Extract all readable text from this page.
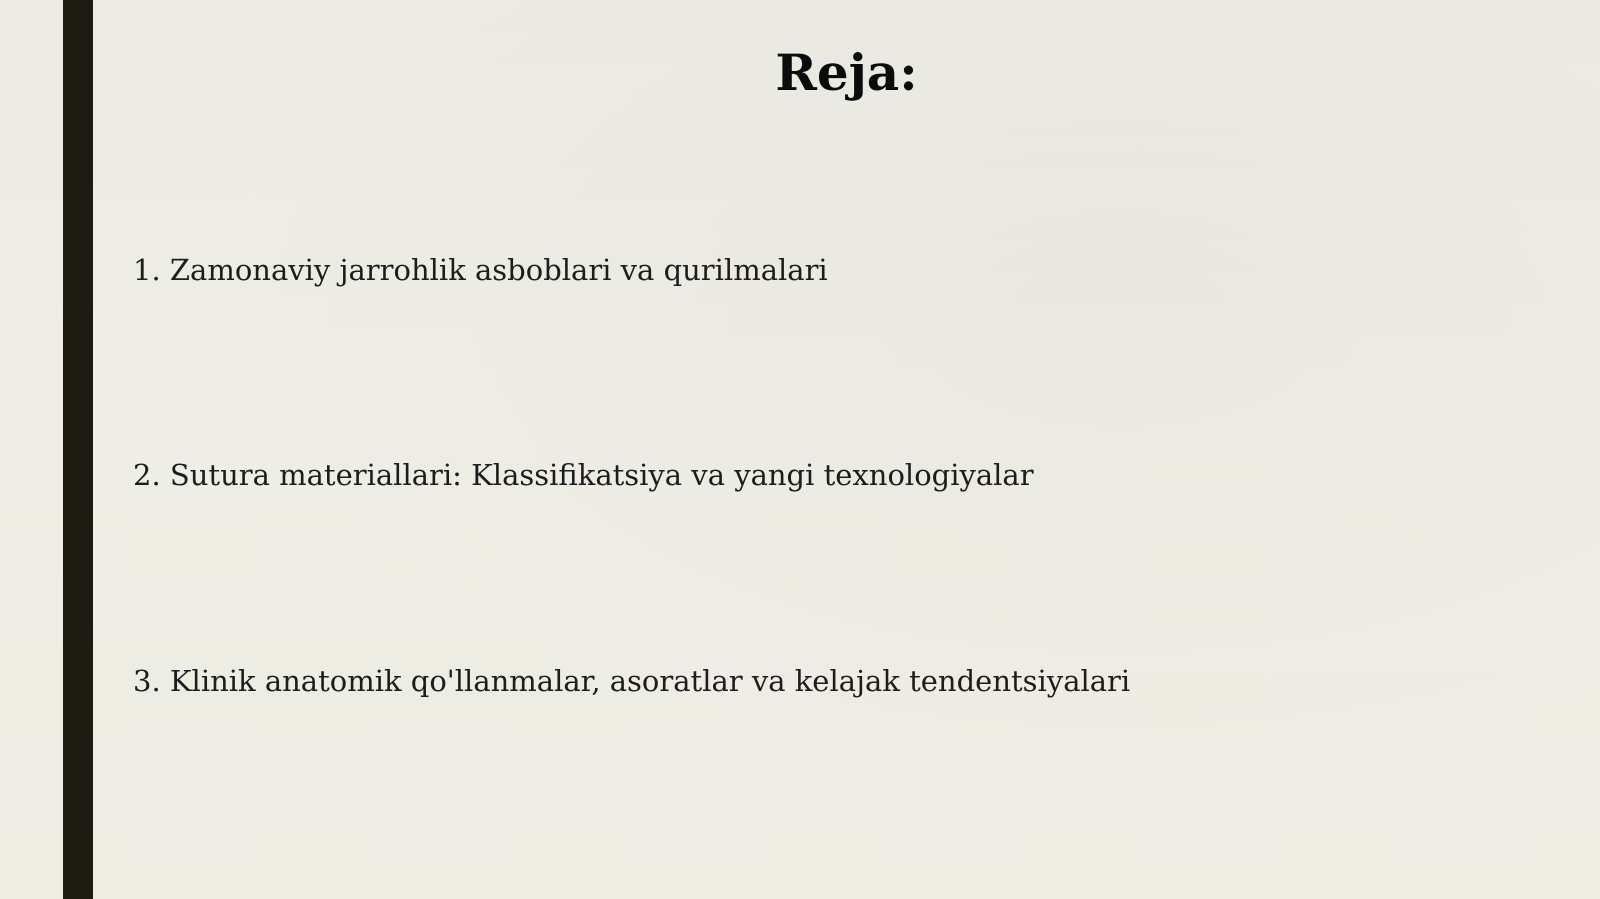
Reja:
1. Zamonaviy jarrohlik asboblari va qurilmalari
2. Sutura materiallari: Klassifikatsiya va yangi texnologiyalar
3. Klinik anatomik qo'llanmalar, asoratlar va kelajak tendentsiyalari
